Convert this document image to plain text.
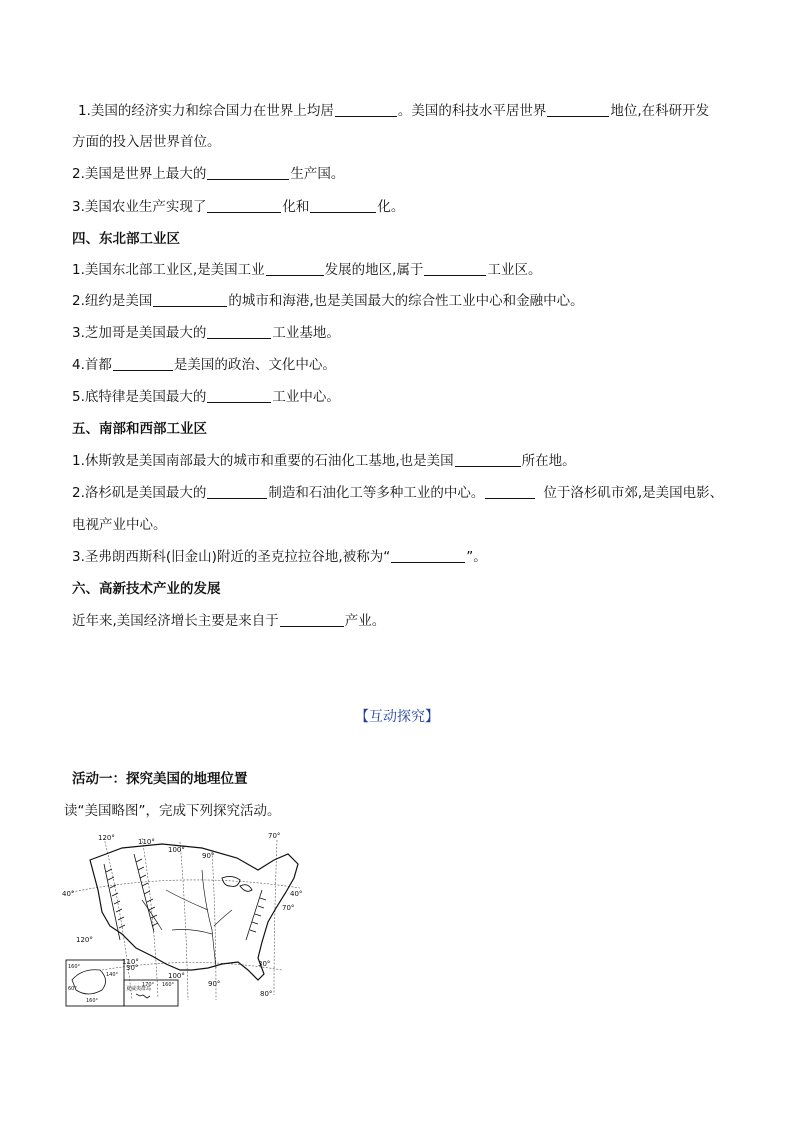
1.美国的经济实力和综合国力在世界上均居	。美国的科技水平居世界	地位,在科研开发
方面的投入居世界首位。
2.美国是世界上最大的	生产国。
3.美国农业生产实现了	化和	化。
四、东北部工业区
1.美国东北部工业区,是美国工业	发展的地区,属于	工业区。
2.纽约是美国	的城市和海港,也是美国最大的综合性工业中心和金融中心。
3.芝加哥是美国最大的	工业基地。
4.首都	是美国的政治、文化中心。
5.底特律是美国最大的	工业中心。
五、南部和西部工业区
1.休斯敦是美国南部最大的城市和重要的石油化工基地,也是美国	所在地。
2.洛杉矶是美国最大的	制造和石油化工等多种工业的中心。	位于洛杉矶市郊,是美国电影、
电视产业中心。
3.圣弗朗西斯科(旧金山)附近的圣克拉拉谷地,被称为“	”。
六、高新技术产业的发展
近年来,美国经济增长主要是来自于	产业。
【互动探究】
活动一：探究美国的地理位置
读“美国略图”，完成下列探究活动。
120°	110°
100°
90°
70°
40°	40°
70°
120°
30°
110°
100°
90°
30°
80°
160°
140°
60°
160°
170° 160°
夏威夷群岛
